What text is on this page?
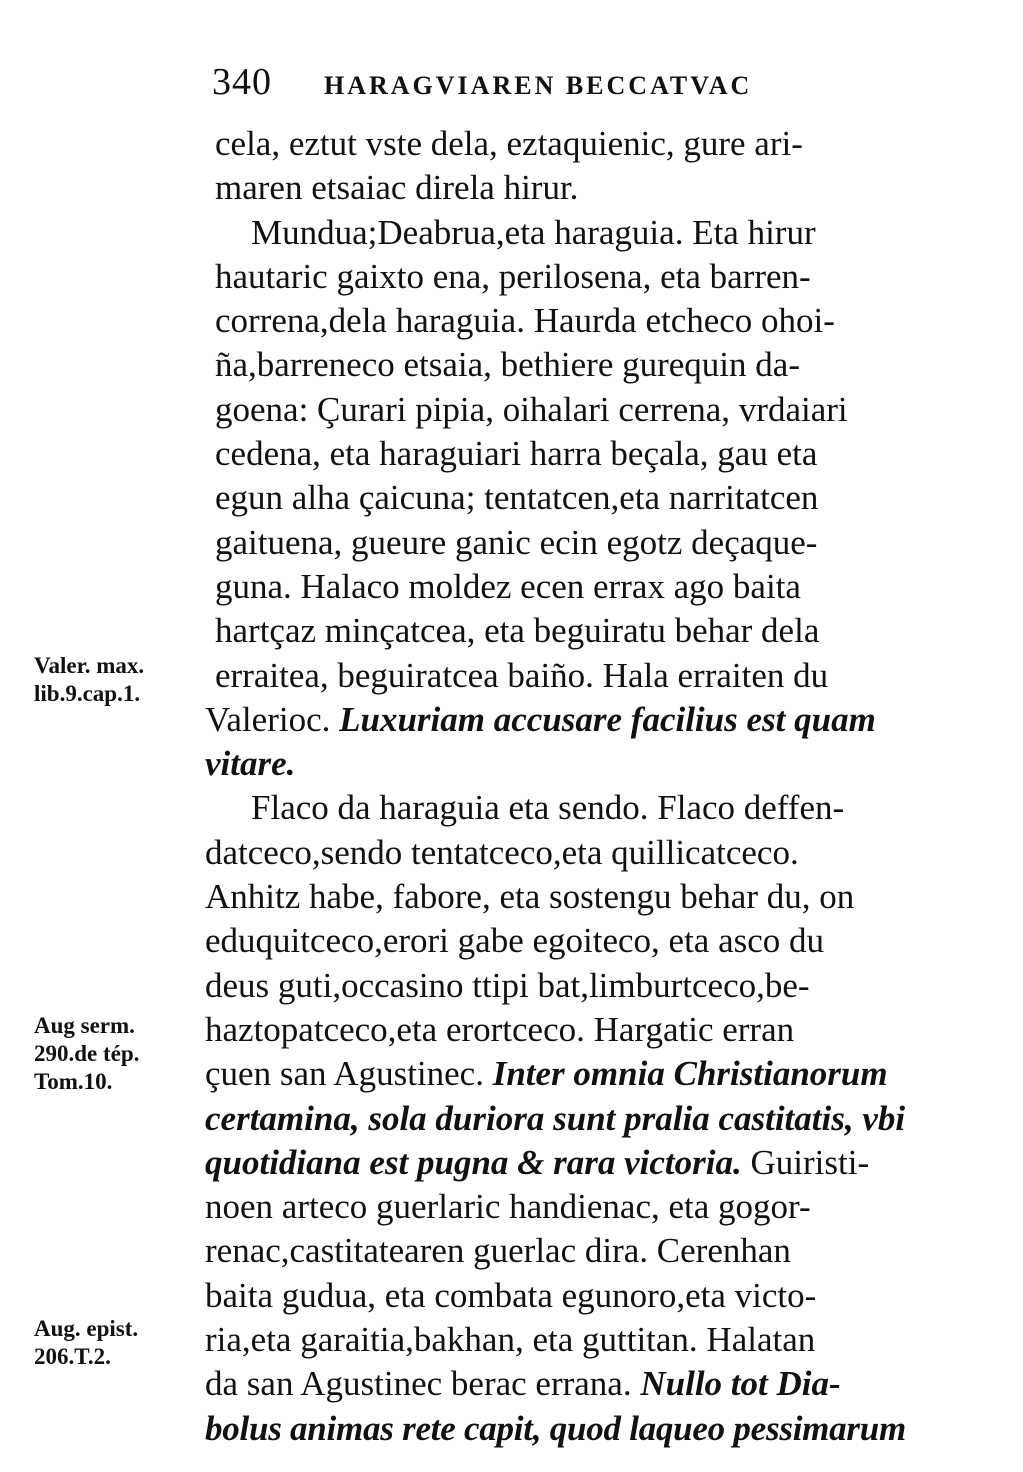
340 HARAGVIAREN BECCATVAC
cela, eztut vste dela, eztaquienic, gure ari-
maren etsaiac direla hirur.
Mundua;Deabrua,eta haraguia. Eta hirur
hautaric gaixto ena, perilosena, eta barren-
correna,dela haraguia. Haurda etcheco ohoi-
ña,barreneco etsaia, bethiere gurequin da-
goena: Çurari pipia, oihalari cerrena, vrdaiari
cedena, eta haraguiari harra beçala, gau eta
egun alha çaicuna; tentatcen,eta narritatcen
gaituena, gueure ganic ecin egotz deçaque-
guna. Halaco moldez ecen errax ago baita
hartçaz minçatcea, eta beguiratu behar dela
erraitea, beguiratcea baiño. Hala erraiten du
Valerioc. Luxuriam accusare facilius est quam
vitare.
Flaco da haraguia eta sendo. Flaco deffen-
datceco,sendo tentatceco,eta quillicatceco.
Anhitz habe, fabore, eta sostengu behar du, on
eduquitceco,erori gabe egoiteco, eta asco du
deus guti,occasino ttipi bat,limburtceco,be-
haztopatceco,eta erortceco. Hargatic erran
çuen san Agustinec. Inter omnia Christianorum
certamina, sola duriora sunt pralia castitatis, vbi
quotidiana est pugna & rara victoria. Guiristi-
noen arteco guerlaric handienac, eta gogor-
renac,castitatearen guerlac dira. Cerenhan
baita gudua, eta combata egunoro,eta victo-
ria,eta garaitia,bakhan, eta guttitan. Halatan
da san Agustinec berac errana. Nullo tot Dia-
bolus animas rete capit, quod laqueo pessimarum
Valer. max.
lib.9.cap.1.
Aug serm.
290.de tép.
Tom.10.
Aug. epist.
206.T.2.
